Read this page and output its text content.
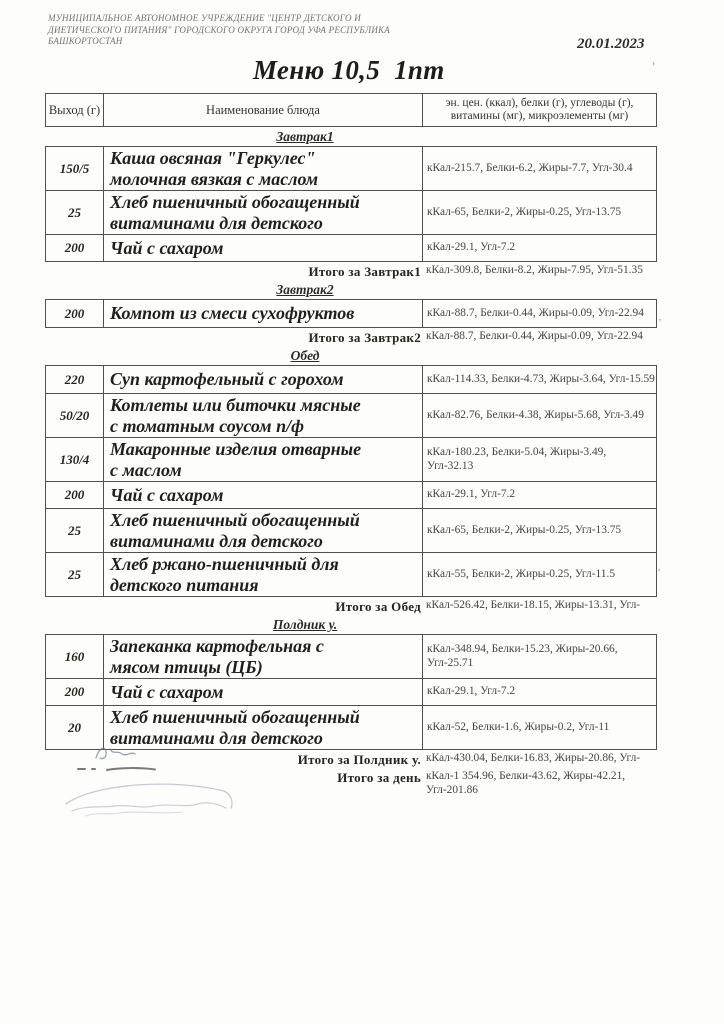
МУНИЦИПАЛЬНОЕ АВТОНОМНОЕ УЧРЕЖДЕНИЕ "ЦЕНТР ДЕТСКОГО И ДИЕТИЧЕСКОГО ПИТАНИЯ" ГОРОДСКОГО ОКРУГА ГОРОД УФА РЕСПУБЛИКА БАШКОРТОСТАН	20.01.2023
Меню 10,5  1пт
Выход (г)	Наименование блюда	эн. цен. (ккал), белки (г), углеводы (г),
витамины (мг), микроэлементы (мг)
Завтрак1
150/5	Каша овсяная "Геркулес" молочная вязкая с маслом
кКал-215.7, Белки-6.2, Жиры-7.7, Угл-30.4
25	Хлеб пшеничный обогащенный витаминами для детского
кКал-65, Белки-2, Жиры-0.25, Угл-13.75
200	Чай с сахаром	кКал-29.1, Угл-7.2
Итого за Завтрак1 кКал-309.8, Белки-8.2, Жиры-7.95, Угл-51.35
Завтрак2
200	Компот из смеси сухофруктов	кКал-88.7, Белки-0.44, Жиры-0.09, Угл-22.94
Итого за Завтрак2 кКал-88.7, Белки-0.44, Жиры-0.09, Угл-22.94
Обед
220	Суп картофельный с горохом	кКал-114.33, Белки-4.73, Жиры-3.64, Угл-15.59
50/20	Котлеты или биточки мясные с томатным соусом п/ф
кКал-82.76, Белки-4.38, Жиры-5.68, Угл-3.49
130/4	Макаронные изделия отварные с маслом
кКал-180.23, Белки-5.04, Жиры-3.49, Угл-32.13
200	Чай с сахаром	кКал-29.1, Угл-7.2
25	Хлеб пшеничный обогащенный витаминами для детского
кКал-65, Белки-2, Жиры-0.25, Угл-13.75
25	Хлеб ржано-пшеничный для детского питания
кКал-55, Белки-2, Жиры-0.25, Угл-11.5
Итого за Обед кКал-526.42, Белки-18.15, Жиры-13.31, Угл-
Полдник у.
160	Запеканка картофельная с мясом птицы (ЦБ)
кКал-348.94, Белки-15.23, Жиры-20.66, Угл-25.71
200	Чай с сахаром	кКал-29.1, Угл-7.2
20	Хлеб пшеничный обогащенный витаминами для детского
кКал-52, Белки-1.6, Жиры-0.2, Угл-11
Итого за Полдник у. кКал-430.04, Белки-16.83, Жиры-20.86, Угл-
Итого за день кКал-1 354.96, Белки-43.62, Жиры-42.21, Угл-201.86
›
,
,
